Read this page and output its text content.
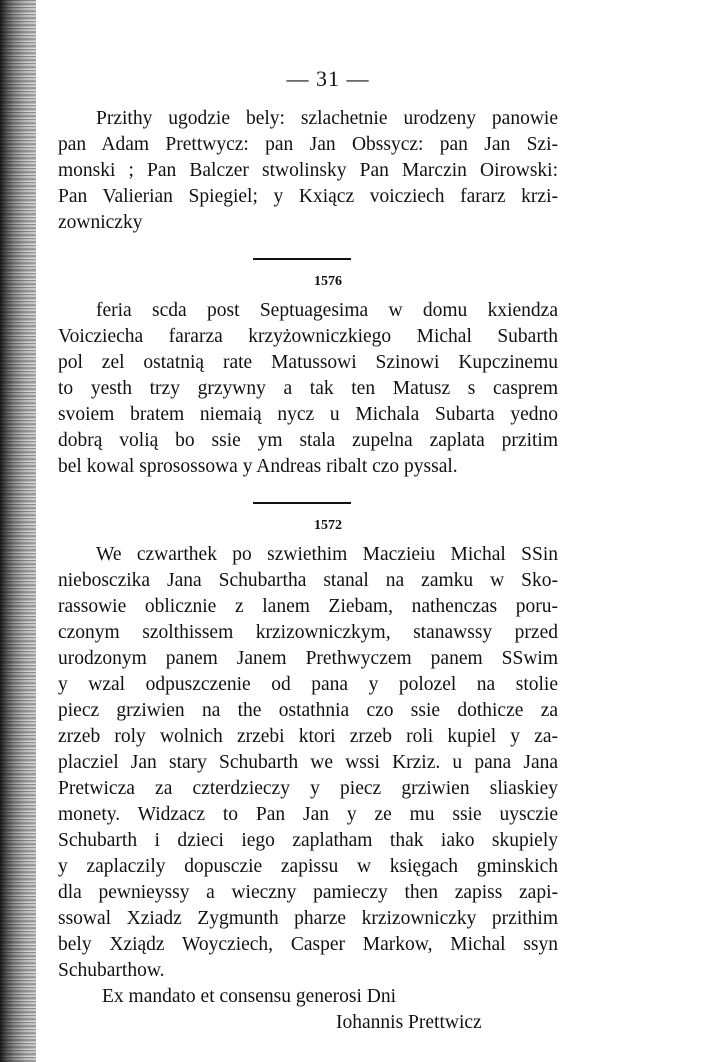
— 31 —
Przithy ugodzie bely: szlachetnie urodzeny panowie
pan Adam Prettwycz: pan Jan Obssycz: pan Jan Szi-
monski ; Pan Balczer stwolinsky Pan Marczin Oirowski:
Pan Valierian Spiegiel; y Kxiącz voicziech fararz krzi-
zowniczky
1576
feria scda post Septuagesima w domu kxiendza
Voicziecha fararza krzyżowniczkiego Michal Subarth
pol zel ostatnią rate Matussowi Szinowi Kupczinemu
to yesth trzy grzywny a tak ten Matusz s casprem
svoiem bratem niemaią nycz u Michala Subarta yedno
dobrą volią bo ssie ym stala zupelna zaplata przitim
bel kowal sprosossowa y Andreas ribalt czo pyssal.
1572
We czwarthek po szwiethim Maczieiu Michal SSin
niebosczika Jana Schubartha stanal na zamku w Sko-
rassowie oblicznie z lanem Ziebam, nathenczas poru-
czonym szolthissem krzizowniczkym, stanawssy przed
urodzonym panem Janem Prethwyczem panem SSwim
y wzal odpuszczenie od pana y polozel na stolie
piecz grziwien na the ostathnia czo ssie dothicze za
zrzeb roly wolnich zrzebi ktori zrzeb roli kupiel y za-
placziel Jan stary Schubarth we wssi Krziz. u pana Jana
Pretwicza za czterdzieсzy y piecz grziwien sliaskiey
monety. Widzacz to Pan Jan y ze mu ssie uysczie
Schubarth i dzieci iego zaplatham thak iako skupiely
y zaplaczily dopusczie zapissu w księgach gminskich
dla pewnieyssy a wieczny pamieczy then zapiss zapi-
ssowal Xziadz Zygmunth pharze krzizowniczky przithim
bely Xziądz Woycziech, Casper Markow, Michal ssyn
Schubarthow.
Ex mandato et consensu generosi Dni
Iohannis Prettwicz
